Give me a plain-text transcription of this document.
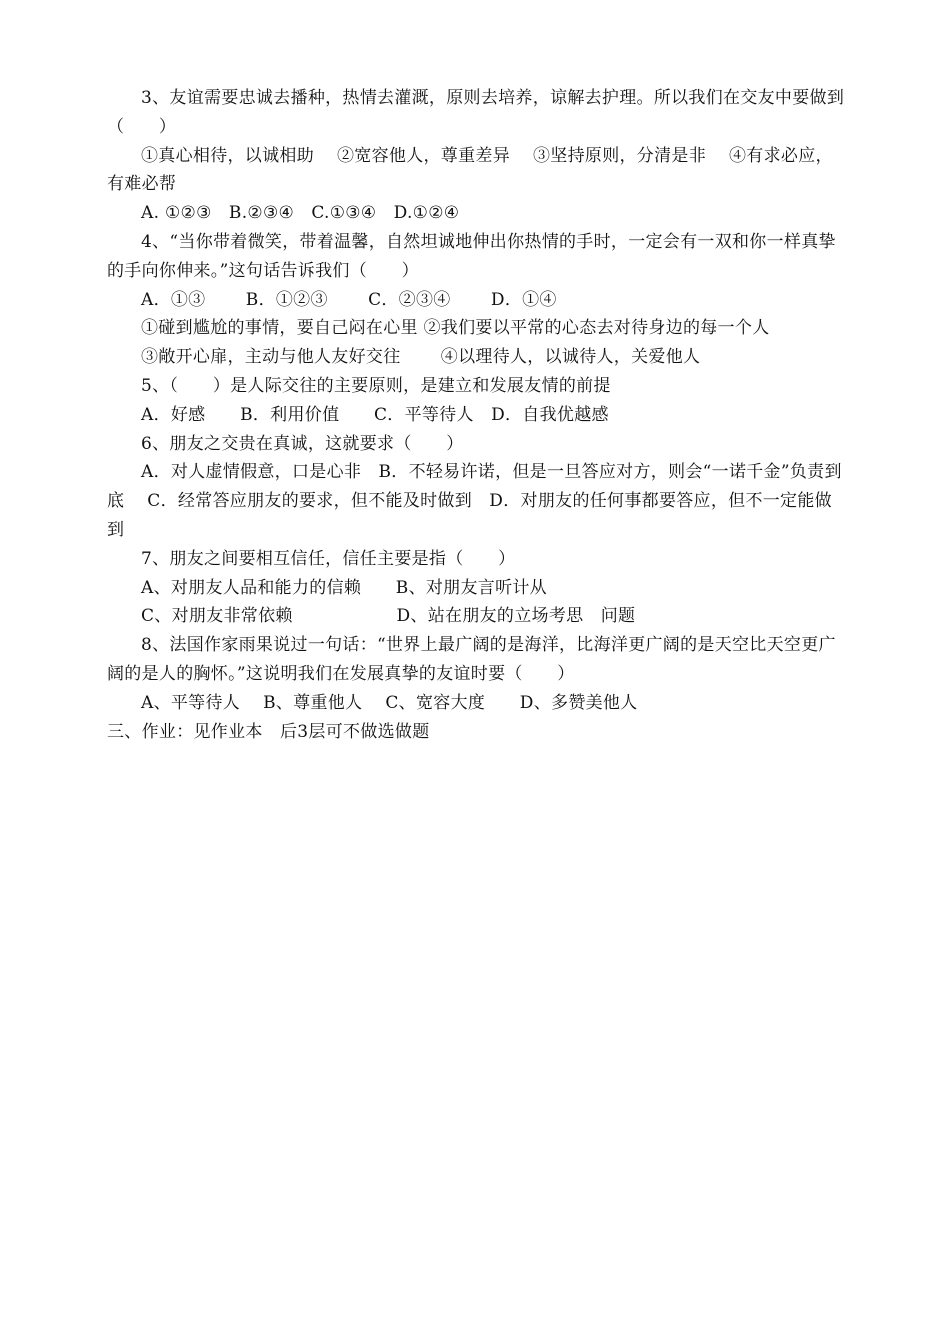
3、友谊需要忠诚去播种，热情去灌溉，原则去培养，谅解去护理。所以我们在交友中要做到（　　）

①真心相待，以诚相助　 ②宽容他人，尊重差异　 ③坚持原则，分清是非　 ④有求必应，有难必帮

A. ①②③　B.②③④　C.①③④　D.①②④

4、“当你带着微笑，带着温馨，自然坦诚地伸出你热情的手时，一定会有一双和你一样真挚的手向你伸来。”这句话告诉我们（　　）

A．①③　　 B．①②③　　 C．②③④　　 D．①④

①碰到尴尬的事情，要自己闷在心里 ②我们要以平常的心态去对待身边的每一个人

③敞开心扉，主动与他人友好交往　　 ④以理待人，以诚待人，关爱他人

5、（　　）是人际交往的主要原则，是建立和发展友情的前提

A．好感　　B．利用价值　　C．平等待人　D．自我优越感

6、朋友之交贵在真诚，这就要求（　　）

A．对人虚情假意，口是心非　B．不轻易许诺，但是一旦答应对方，则会“一诺千金”负责到底　 C．经常答应朋友的要求，但不能及时做到　D．对朋友的任何事都要答应，但不一定能做到

7、朋友之间要相互信任，信任主要是指（　　）

A、对朋友人品和能力的信赖　　B、对朋友言听计从

C、对朋友非常依赖　　　　　　D、站在朋友的立场考思　问题

8、法国作家雨果说过一句话：“世界上最广阔的是海洋，比海洋更广阔的是天空比天空更广阔的是人的胸怀。”这说明我们在发展真挚的友谊时要（　　）

A、平等待人　 B、尊重他人　 C、宽容大度　　D、多赞美他人

三、作业：见作业本　后3层可不做选做题
